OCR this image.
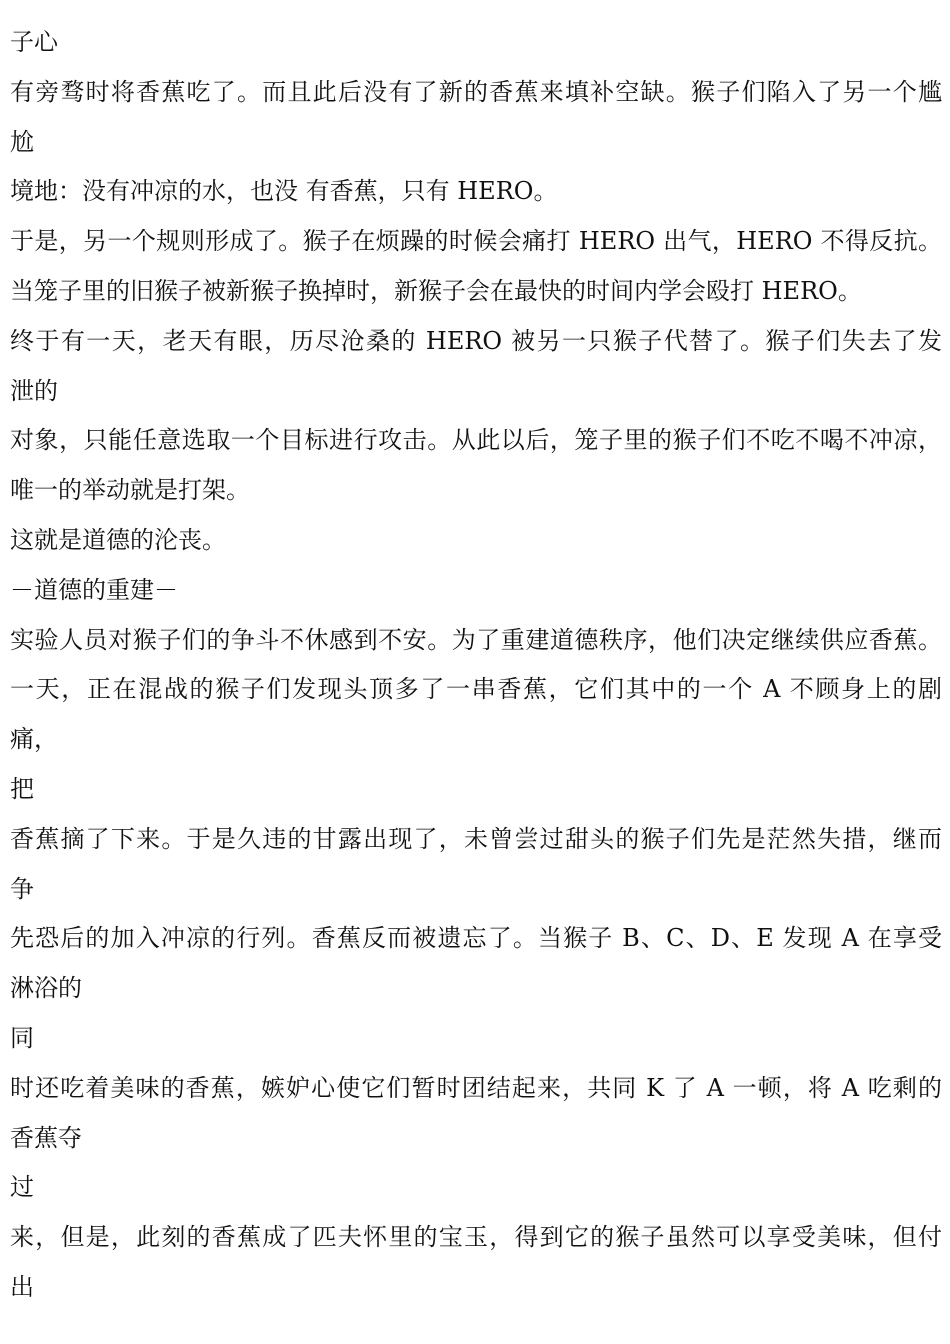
子心
有旁骛时将香蕉吃了。而且此后没有了新的香蕉来填补空缺。猴子们陷入了另一个尴
尬
境地：没有冲凉的水，也没 有香蕉，只有 HERO。
于是，另一个规则形成了。猴子在烦躁的时候会痛打 HERO 出气，HERO 不得反抗。
当笼子里的旧猴子被新猴子换掉时，新猴子会在最快的时间内学会殴打 HERO。
终于有一天，老天有眼，历尽沧桑的 HERO 被另一只猴子代替了。猴子们失去了发
泄的
对象，只能任意选取一个目标进行攻击。从此以后，笼子里的猴子们不吃不喝不冲凉，
唯一的举动就是打架。
这就是道德的沦丧。
－道德的重建－
实验人员对猴子们的争斗不休感到不安。为了重建道德秩序，他们决定继续供应香蕉。
一天，正在混战的猴子们发现头顶多了一串香蕉，它们其中的一个 A 不顾身上的剧
痛，
把
香蕉摘了下来。于是久违的甘露出现了，未曾尝过甜头的猴子们先是茫然失措，继而
争
先恐后的加入冲凉的行列。香蕉反而被遗忘了。当猴子 B、C、D、E 发现 A 在享受
淋浴的
同
时还吃着美味的香蕉，嫉妒心使它们暂时团结起来，共同 K 了 A 一顿，将 A 吃剩的
香蕉夺
过
来，但是，此刻的香蕉成了匹夫怀里的宝玉，得到它的猴子虽然可以享受美味，但付
出
